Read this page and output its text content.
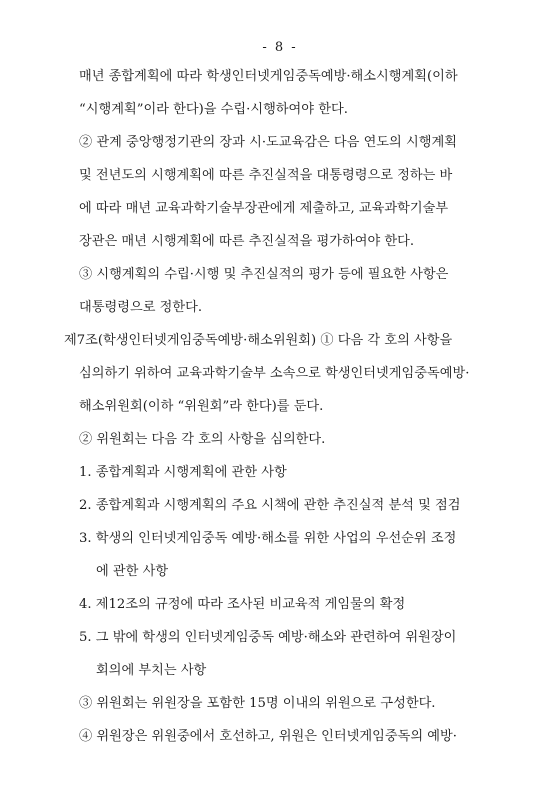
- 8 -
매년 종합계획에 따라 학생인터넷게임중독예방·해소시행계획(이하
“시행계획”이라 한다)을 수립·시행하여야 한다.
② 관계 중앙행정기관의 장과 시·도교육감은 다음 연도의 시행계획
및 전년도의 시행계획에 따른 추진실적을 대통령령으로 정하는 바
에 따라 매년 교육과학기술부장관에게 제출하고, 교육과학기술부
장관은 매년 시행계획에 따른 추진실적을 평가하여야 한다.
③ 시행계획의 수립·시행 및 추진실적의 평가 등에 필요한 사항은
대통령령으로 정한다.
제7조(학생인터넷게임중독예방·해소위원회) ① 다음 각 호의 사항을
심의하기 위하여 교육과학기술부 소속으로 학생인터넷게임중독예방·
해소위원회(이하 “위원회”라 한다)를 둔다.
② 위원회는 다음 각 호의 사항을 심의한다.
1. 종합계획과 시행계획에 관한 사항
2. 종합계획과 시행계획의 주요 시책에 관한 추진실적 분석 및 점검
3. 학생의 인터넷게임중독 예방·해소를 위한 사업의 우선순위 조정
에 관한 사항
4. 제12조의 규정에 따라 조사된 비교육적 게임물의 확정
5. 그 밖에 학생의 인터넷게임중독 예방·해소와 관련하여 위원장이
회의에 부치는 사항
③ 위원회는 위원장을 포함한 15명 이내의 위원으로 구성한다.
④ 위원장은 위원중에서 호선하고, 위원은 인터넷게임중독의 예방·
